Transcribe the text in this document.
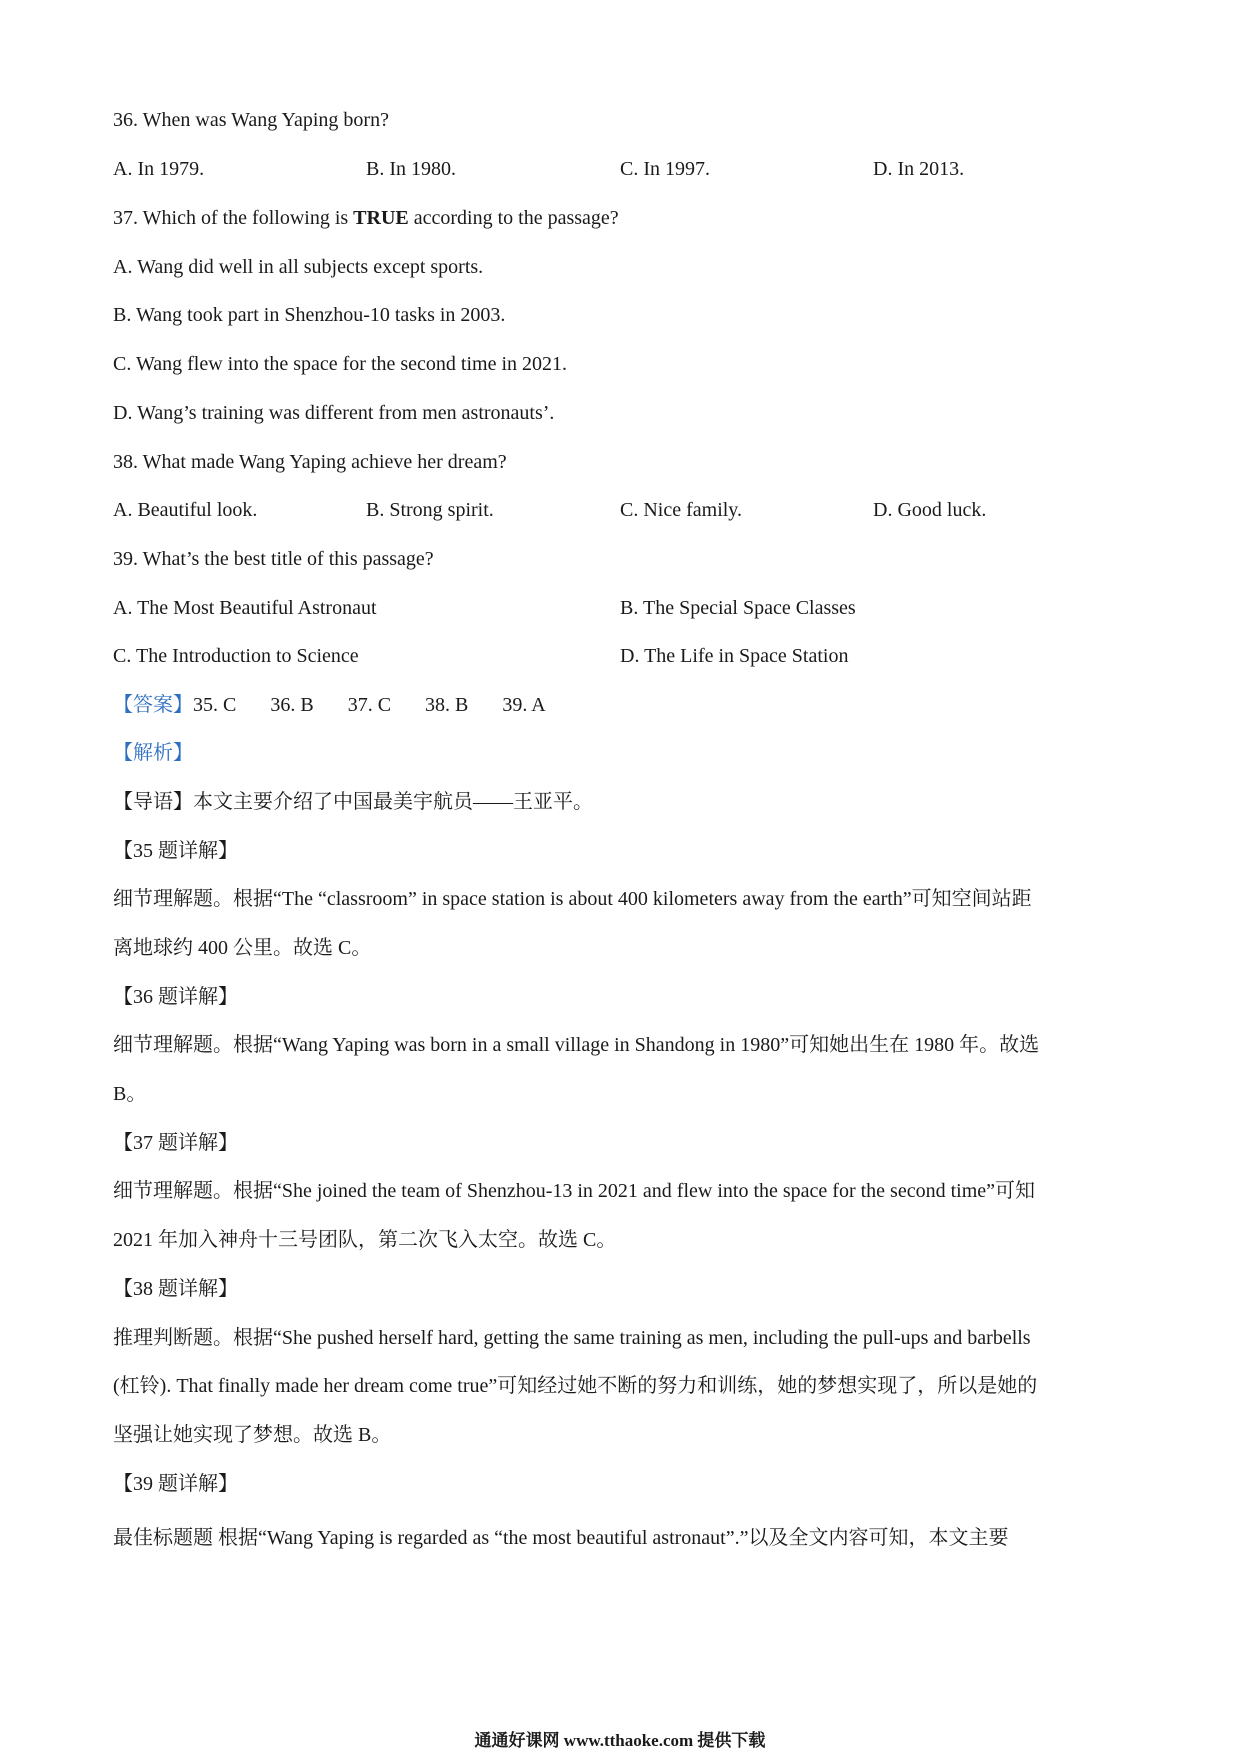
36. When was Wang Yaping born?
A. In 1979.	B. In 1980.	C. In 1997.	D. In 2013.
37. Which of the following is TRUE according to the passage?
A. Wang did well in all subjects except sports.
B. Wang took part in Shenzhou-10 tasks in 2003.
C. Wang flew into the space for the second time in 2021.
D. Wang’s training was different from men astronauts’.
38. What made Wang Yaping achieve her dream?
A. Beautiful look.	B. Strong spirit.	C. Nice family.	D. Good luck.
39. What’s the best title of this passage?
A. The Most Beautiful Astronaut	B. The Special Space Classes
C. The Introduction to Science	D. The Life in Space Station
【答案】35. C 36. B 37. C 38. B 39. A
【解析】
【导语】本文主要介绍了中国最美宇航员——王亚平。
【35 题详解】
细节理解题。根据“The “classroom” in space station is about 400 kilometers away from the earth”可知空间站距
离地球约 400 公里。故选 C。
【36 题详解】
细节理解题。根据“Wang Yaping was born in a small village in Shandong in 1980”可知她出生在 1980 年。故选
B。
【37 题详解】
细节理解题。根据“She joined the team of Shenzhou-13 in 2021 and flew into the space for the second time”可知
2021 年加入神舟十三号团队，第二次飞入太空。故选 C。
【38 题详解】
推理判断题。根据“She pushed herself hard, getting the same training as men, including the pull-ups and barbells
(杠铃). That finally made her dream come true”可知经过她不断的努力和训练，她的梦想实现了，所以是她的
坚强让她实现了梦想。故选 B。
【39 题详解】
最佳标题题 根据“Wang Yaping is regarded as “the most beautiful astronaut”.”以及全文内容可知，本文主要
通通好课网 www.tthaoke.com 提供下载
